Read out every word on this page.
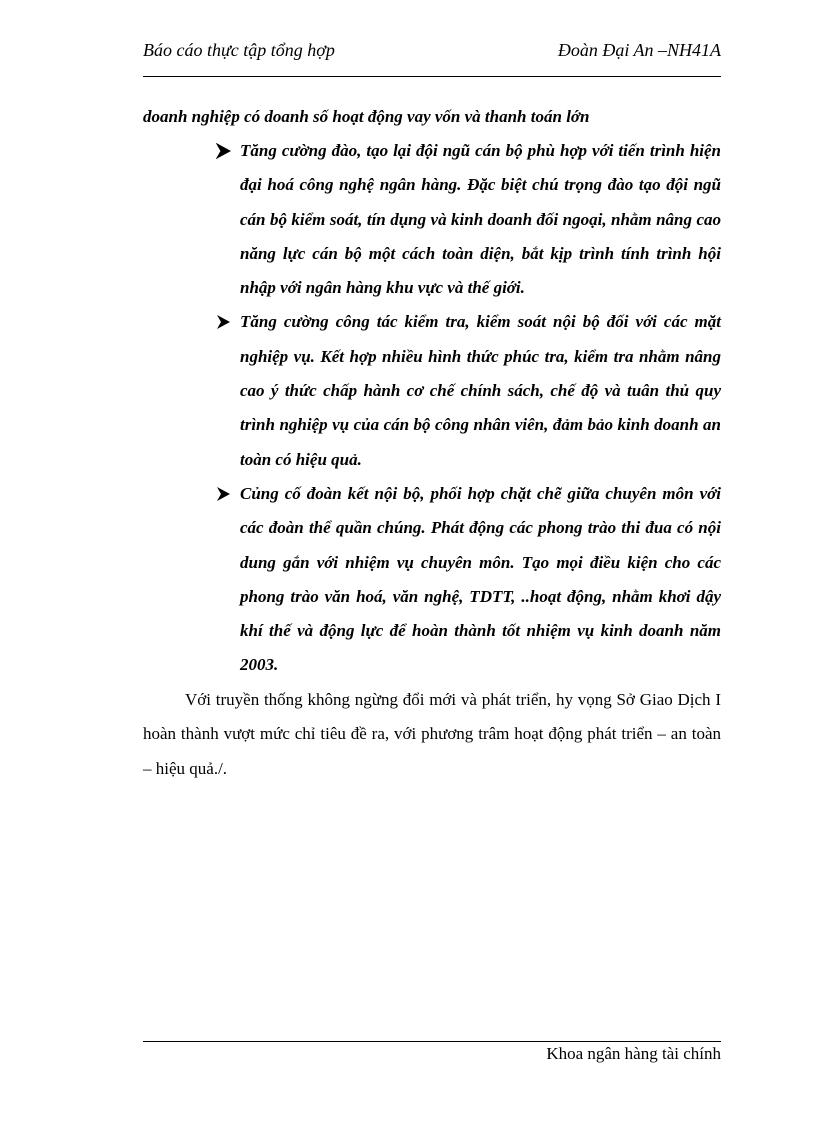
Báo cáo thực tập tổng hợp	Đoàn Đại An –NH41A

doanh nghiệp có doanh số hoạt động vay vốn và thanh toán lớn

Tăng cường đào, tạo lại đội ngũ cán bộ phù hợp với tiến trình hiện đại hoá công nghệ ngân hàng. Đặc biệt chú trọng đào tạo đội ngũ cán bộ kiểm soát, tín dụng và kinh doanh đối ngoại, nhằm nâng cao năng lực cán bộ một cách toàn diện, bắt kịp trình tính trình hội nhập với ngân hàng khu vực và thế giới.
Tăng cường công tác kiểm tra, kiểm soát nội bộ đối với các mặt nghiệp vụ. Kết hợp nhiều hình thức phúc tra, kiểm tra nhằm nâng cao ý thức chấp hành cơ chế chính sách, chế độ và tuân thủ quy trình nghiệp vụ của cán bộ công nhân viên, đảm bảo kinh doanh an toàn có hiệu quả.
Củng cố đoàn kết nội bộ, phối hợp chặt chẽ giữa chuyên môn với các đoàn thể quần chúng. Phát động các phong trào thi đua có nội dung gắn với nhiệm vụ chuyên môn. Tạo mọi điều kiện cho các phong trào văn hoá, văn nghệ, TDTT, ..hoạt động, nhằm khơi dậy khí thế và động lực để hoàn thành tốt nhiệm vụ kinh doanh năm 2003.

Với truyền thống không ngừng đổi mới và phát triển, hy vọng Sở Giao Dịch I hoàn thành vượt mức chỉ tiêu đề ra, với phương trâm hoạt động phát triển – an toàn – hiệu quả./.

Khoa ngân hàng tài chính
